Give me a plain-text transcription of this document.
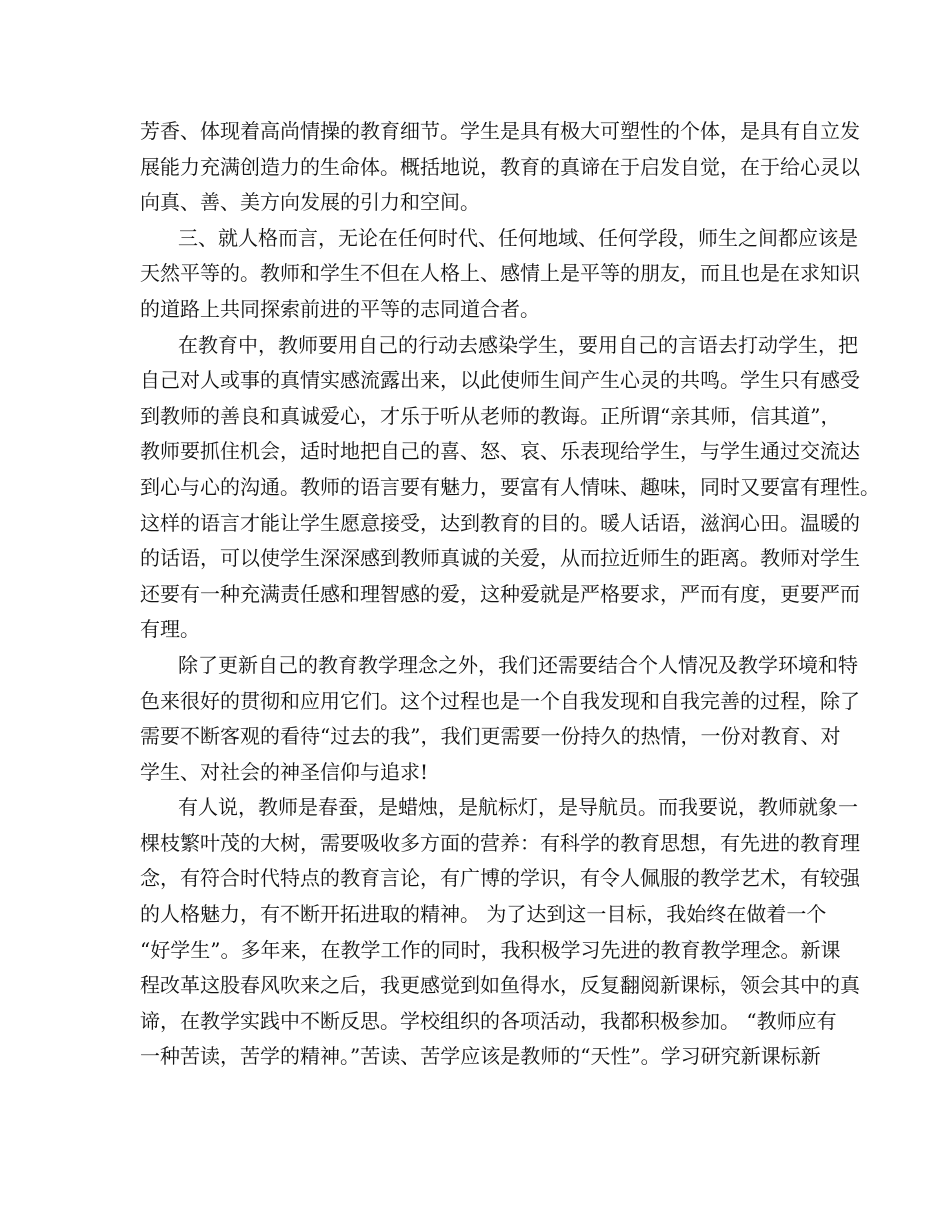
芳香、体现着高尚情操的教育细节。学生是具有极大可塑性的个体，是具有自立发
展能力充满创造力的生命体。概括地说，教育的真谛在于启发自觉，在于给心灵以
向真、善、美方向发展的引力和空间。
三、就人格而言，无论在任何时代、任何地域、任何学段，师生之间都应该是
天然平等的。教师和学生不但在人格上、感情上是平等的朋友，而且也是在求知识
的道路上共同探索前进的平等的志同道合者。
在教育中，教师要用自己的行动去感染学生，要用自己的言语去打动学生，把
自己对人或事的真情实感流露出来，以此使师生间产生心灵的共鸣。学生只有感受
到教师的善良和真诚爱心，才乐于听从老师的教诲。正所谓“亲其师，信其道”，
教师要抓住机会，适时地把自己的喜、怒、哀、乐表现给学生，与学生通过交流达
到心与心的沟通。教师的语言要有魅力，要富有人情味、趣味，同时又要富有理性。
这样的语言才能让学生愿意接受，达到教育的目的。暖人话语，滋润心田。温暖的
的话语，可以使学生深深感到教师真诚的关爱，从而拉近师生的距离。教师对学生
还要有一种充满责任感和理智感的爱，这种爱就是严格要求，严而有度，更要严而
有理。
除了更新自己的教育教学理念之外，我们还需要结合个人情况及教学环境和特
色来很好的贯彻和应用它们。这个过程也是一个自我发现和自我完善的过程，除了
需要不断客观的看待“过去的我”，我们更需要一份持久的热情，一份对教育、对
学生、对社会的神圣信仰与追求!
有人说，教师是春蚕，是蜡烛，是航标灯，是导航员。而我要说，教师就象一
棵枝繁叶茂的大树，需要吸收多方面的营养：有科学的教育思想，有先进的教育理
念，有符合时代特点的教育言论，有广博的学识，有令人佩服的教学艺术，有较强
的人格魅力，有不断开拓进取的精神。 为了达到这一目标，我始终在做着一个
“好学生”。多年来，在教学工作的同时，我积极学习先进的教育教学理念。新课
程改革这股春风吹来之后，我更感觉到如鱼得水，反复翻阅新课标，领会其中的真
谛，在教学实践中不断反思。学校组织的各项活动，我都积极参加。 “教师应有
一种苦读，苦学的精神。”苦读、苦学应该是教师的“天性”。学习研究新课标新
